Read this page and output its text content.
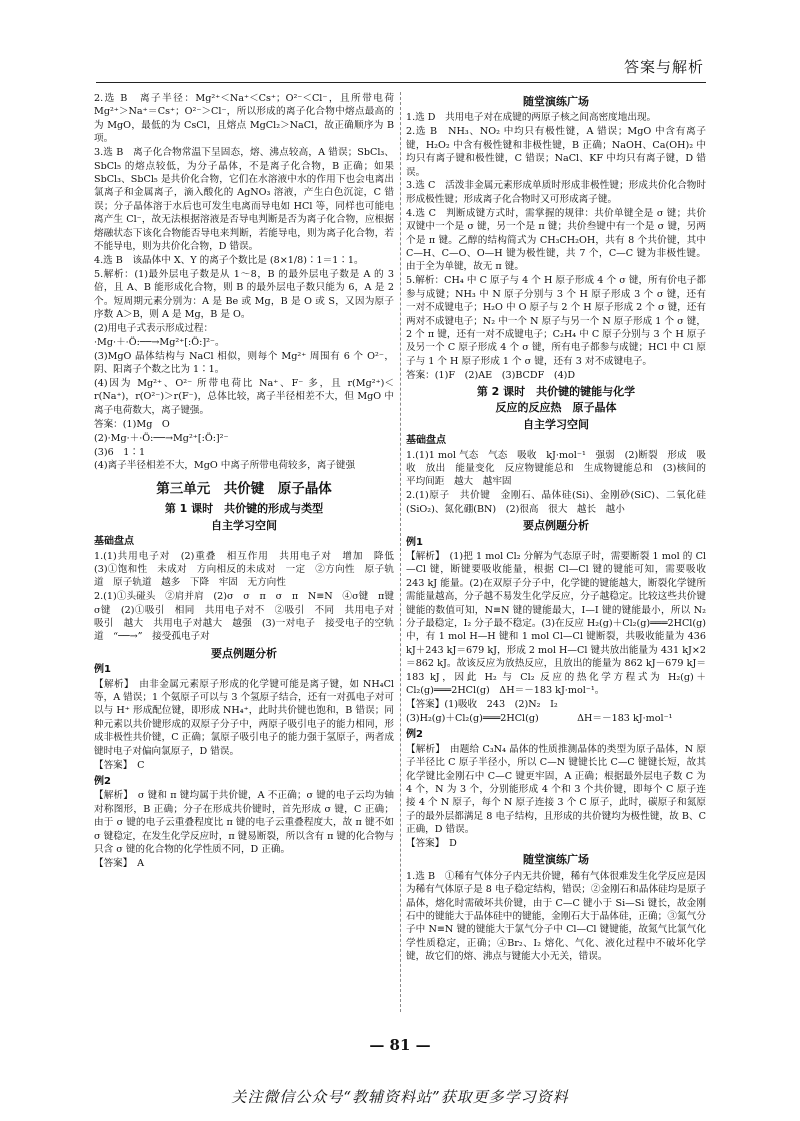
答案与解析
2.选 B　离子半径：Mg²⁺＜Na⁺＜Cs⁺；O²⁻＜Cl⁻，且所带电荷 Mg²⁺＞Na⁺＝Cs⁺；O²⁻＞Cl⁻，所以形成的离子化合物中熔点最高的为 MgO，最低的为 CsCl，且熔点 MgCl₂＞NaCl，故正确顺序为 B 项。
3.选 B　离子化合物常温下呈固态，熔、沸点较高，A 错误；SbCl₃、SbCl₅ 的熔点较低，为分子晶体，不是离子化合物，B 正确；如果 SbCl₃、SbCl₅ 是共价化合物，它们在水溶液中水的作用下也会电离出氯离子和金属离子，滴入酸化的 AgNO₃ 溶液，产生白色沉淀，C 错误；分子晶体溶于水后也可发生电离而导电如 HCl 等，同样也可能电离产生 Cl⁻，故无法根据溶液是否导电判断是否为离子化合物，应根据熔融状态下该化合物能否导电来判断，若能导电，则为离子化合物，若不能导电，则为共价化合物，D 错误。
4.选 B　该晶体中 X、Y 的离子个数比是 (8×1/8)∶1＝1∶1。
5.解析：(1)最外层电子数是从 1～8，B 的最外层电子数是 A 的 3 倍，且 A、B 能形成化合物，则 B 的最外层电子数只能为 6，A 是 2 个。短周期元素分别为：A 是 Be 或 Mg，B 是 O 或 S，又因为原子序数 A＞B，则 A 是 Mg，B 是 O。
(2)用电子式表示形成过程：
·Mg·＋·Ö:──→Mg²⁺[:Ö:]²⁻。
(3)MgO 晶体结构与 NaCl 相似，则每个 Mg²⁺ 周围有 6 个 O²⁻，阴、阳离子个数之比为 1∶1。
(4)因为 Mg²⁺、O²⁻ 所带电荷比 Na⁺、F⁻ 多，且 r(Mg²⁺)＜r(Na⁺)，r(O²⁻)＞r(F⁻)，总体比较，离子半径相差不大，但 MgO 中离子电荷数大，离子键强。
答案：(1)Mg　O
(2)·Mg·＋·Ö:──→Mg²⁺[:Ö:]²⁻
(3)6　1∶1
(4)离子半径相差不大，MgO 中离子所带电荷较多，离子键强
第三单元　共价键　原子晶体
第 1 课时　共价键的形成与类型
自主学习空间
基础盘点
1.(1)共用电子对　(2)重叠　相互作用　共用电子对　增加　降低　(3)①饱和性　未成对　方向相反的未成对　一定　②方向性　原子轨道　原子轨道　越多　下降　牢固　无方向性
2.(1)①头碰头　②肩并肩　(2)σ　σ　π　σ　π　N≡N　④σ键　π键　σ键　(2)①吸引　相同　共用电子对不　②吸引　不同　共用电子对　吸引　越大　共用电子对越大　越强　(3)一对电子　接受电子的空轨道　“──→”　接受孤电子对
要点例题分析
例1
【解析】　由非金属元素原子形成的化学键可能是离子键，如 NH₄Cl 等，A 错误；1 个氨原子可以与 3 个氢原子结合，还有一对孤电子对可以与 H⁺ 形成配位键，即形成 NH₄⁺，此时共价键也饱和，B 错误；同种元素以共价键形成的双原子分子中，两原子吸引电子的能力相同，形成非极性共价键，C 正确；氯原子吸引电子的能力强于氢原子，两者成键时电子对偏向氯原子，D 错误。
【答案】　C
例2
【解析】　σ 键和 π 键均属于共价键，A 不正确；σ 键的电子云均为轴对称图形，B 正确；分子在形成共价键时，首先形成 σ 键，C 正确；由于 σ 键的电子云重叠程度比 π 键的电子云重叠程度大，故 π 键不如 σ 键稳定，在发生化学反应时，π 键易断裂，所以含有 π 键的化合物与只含 σ 键的化合物的化学性质不同，D 正确。
【答案】　A
随堂演练广场
1.选 D　共用电子对在成键的两原子核之间高密度地出现。
2.选 B　NH₃、NO₂ 中均只有极性键，A 错误；MgO 中含有离子键，H₂O₂ 中含有极性键和非极性键，B 正确；NaOH、Ca(OH)₂ 中均只有离子键和极性键，C 错误；NaCl、KF 中均只有离子键，D 错误。
3.选 C　活泼非金属元素形成单质时形成非极性键；形成共价化合物时形成极性键；形成离子化合物时又可形成离子键。
4.选 C　判断成键方式时，需掌握的规律：共价单键全是 σ 键；共价双键中一个是 σ 键，另一个是 π 键；共价叁键中有一个是 σ 键，另两个是 π 键。乙醇的结构简式为 CH₃CH₂OH，共有 8 个共价键，其中 C—H、C—O、O—H 键为极性键，共 7 个，C—C 键为非极性键。由于全为单键，故无 π 键。
5.解析：CH₄ 中 C 原子与 4 个 H 原子形成 4 个 σ 键，所有价电子都参与成键；NH₃ 中 N 原子分别与 3 个 H 原子形成 3 个 σ 键，还有一对不成键电子；H₂O 中 O 原子与 2 个 H 原子形成 2 个 σ 键，还有两对不成键电子；N₂ 中一个 N 原子与另一个 N 原子形成 1 个 σ 键，2 个 π 键，还有一对不成键电子；C₂H₄ 中 C 原子分别与 3 个 H 原子及另一个 C 原子形成 4 个 σ 键，所有电子都参与成键；HCl 中 Cl 原子与 1 个 H 原子形成 1 个 σ 键，还有 3 对不成键电子。
答案：(1)F　(2)AE　(3)BCDF　(4)D
第 2 课时　共价键的键能与化学
反应的反应热　原子晶体
自主学习空间
基础盘点
1.(1)1 mol 气态　气态　吸收　kJ·mol⁻¹　强弱　(2)断裂　形成　吸收　放出　能量变化　反应物键能总和　生成物键能总和　(3)核间的平均间距　越大　越牢固
2.(1)原子　共价键　金刚石、晶体硅(Si)、金刚砂(SiC)、二氧化硅(SiO₂)、氮化硼(BN)　(2)很高　很大　越长　越小
要点例题分析
例1
【解析】　(1)把 1 mol Cl₂ 分解为气态原子时，需要断裂 1 mol 的 Cl—Cl 键，断键要吸收能量，根据 Cl—Cl 键的键能可知，需要吸收 243 kJ 能量。(2)在双原子分子中，化学键的键能越大，断裂化学键所需能量越高，分子越不易发生化学反应，分子越稳定。比较这些共价键键能的数值可知，N≡N 键的键能最大，I—I 键的键能最小，所以 N₂ 分子最稳定，I₂ 分子最不稳定。(3)在反应 H₂(g)＋Cl₂(g)═══2HCl(g) 中，有 1 mol H—H 键和 1 mol Cl—Cl 键断裂，共吸收能量为 436 kJ＋243 kJ＝679 kJ，形成 2 mol H—Cl 键共放出能量为 431 kJ×2＝862 kJ。故该反应为放热反应，且放出的能量为 862 kJ－679 kJ＝183 kJ，因此 H₂ 与 Cl₂ 反应的热化学方程式为 H₂(g)＋Cl₂(g)═══2HCl(g)　ΔH＝－183 kJ·mol⁻¹。
【答案】(1)吸收　243　(2)N₂　I₂
(3)H₂(g)＋Cl₂(g)═══2HCl(g)　　　　ΔH＝－183 kJ·mol⁻¹
例2
【解析】　由题给 C₃N₄ 晶体的性质推测晶体的类型为原子晶体，N 原子半径比 C 原子半径小，所以 C—N 键键长比 C—C 键键长短，故其化学键比金刚石中 C—C 键更牢固，A 正确；根据最外层电子数 C 为 4 个，N 为 3 个，分别能形成 4 个和 3 个共价键，即每个 C 原子连接 4 个 N 原子，每个 N 原子连接 3 个 C 原子，此时，碳原子和氮原子的最外层都满足 8 电子结构，且形成的共价键均为极性键，故 B、C 正确，D 错误。
【答案】　D
随堂演练广场
1.选 B　①稀有气体分子内无共价键，稀有气体很难发生化学反应是因为稀有气体原子是 8 电子稳定结构，错误；②金刚石和晶体硅均是原子晶体，熔化时需破坏共价键，由于 C—C 键小于 Si—Si 键长，故金刚石中的键能大于晶体硅中的键能，金刚石大于晶体硅，正确；③氮气分子中 N≡N 键的键能大于氯气分子中 Cl—Cl 键键能，故氮气比氯气化学性质稳定，正确；④Br₂、I₂ 熔化、气化、液化过程中不破坏化学键，故它们的熔、沸点与键能大小无关，错误。
— 81 —
关注微信公众号“教辅资料站”获取更多学习资料
